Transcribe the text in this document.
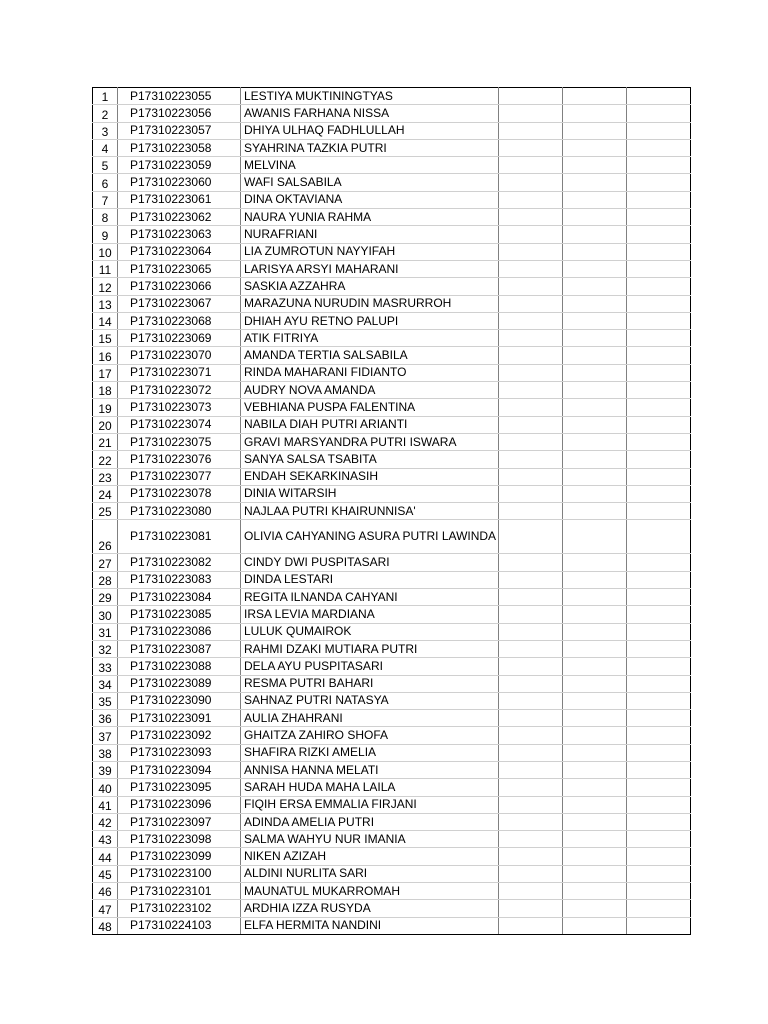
1	P17310223055	LESTIYA MUKTININGTYAS			
2	P17310223056	AWANIS FARHANA NISSA			
3	P17310223057	DHIYA ULHAQ FADHLULLAH			
4	P17310223058	SYAHRINA TAZKIA PUTRI			
5	P17310223059	MELVINA			
6	P17310223060	WAFI SALSABILA			
7	P17310223061	DINA OKTAVIANA			
8	P17310223062	NAURA YUNIA RAHMA			
9	P17310223063	NURAFRIANI			
10	P17310223064	LIA ZUMROTUN NAYYIFAH			
11	P17310223065	LARISYA ARSYI MAHARANI			
12	P17310223066	SASKIA AZZAHRA			
13	P17310223067	MARAZUNA NURUDIN MASRURROH			
14	P17310223068	DHIAH AYU RETNO PALUPI			
15	P17310223069	ATIK FITRIYA			
16	P17310223070	AMANDA TERTIA SALSABILA			
17	P17310223071	RINDA MAHARANI FIDIANTO			
18	P17310223072	AUDRY NOVA AMANDA			
19	P17310223073	VEBHIANA PUSPA FALENTINA			
20	P17310223074	NABILA DIAH PUTRI ARIANTI			
21	P17310223075	GRAVI MARSYANDRA PUTRI ISWARA			
22	P17310223076	SANYA SALSA TSABITA			
23	P17310223077	ENDAH SEKARKINASIH			
24	P17310223078	DINIA WITARSIH			
25	P17310223080	NAJLAA PUTRI KHAIRUNNISA'			
26	P17310223081	OLIVIA CAHYANING ASURA PUTRI LAWINDA			
27	P17310223082	CINDY DWI PUSPITASARI			
28	P17310223083	DINDA LESTARI			
29	P17310223084	REGITA ILNANDA CAHYANI			
30	P17310223085	IRSA LEVIA MARDIANA			
31	P17310223086	LULUK QUMAIROK			
32	P17310223087	RAHMI DZAKI MUTIARA PUTRI			
33	P17310223088	DELA AYU PUSPITASARI			
34	P17310223089	RESMA PUTRI BAHARI			
35	P17310223090	SAHNAZ PUTRI NATASYA			
36	P17310223091	AULIA ZHAHRANI			
37	P17310223092	GHAITZA ZAHIRO SHOFA			
38	P17310223093	SHAFIRA RIZKI AMELIA			
39	P17310223094	ANNISA HANNA MELATI			
40	P17310223095	SARAH HUDA MAHA LAILA			
41	P17310223096	FIQIH ERSA EMMALIA FIRJANI			
42	P17310223097	ADINDA AMELIA PUTRI			
43	P17310223098	SALMA WAHYU NUR IMANIA			
44	P17310223099	NIKEN AZIZAH			
45	P17310223100	ALDINI NURLITA SARI			
46	P17310223101	MAUNATUL MUKARROMAH			
47	P17310223102	ARDHIA IZZA RUSYDA			
48	P17310224103	ELFA HERMITA NANDINI			
